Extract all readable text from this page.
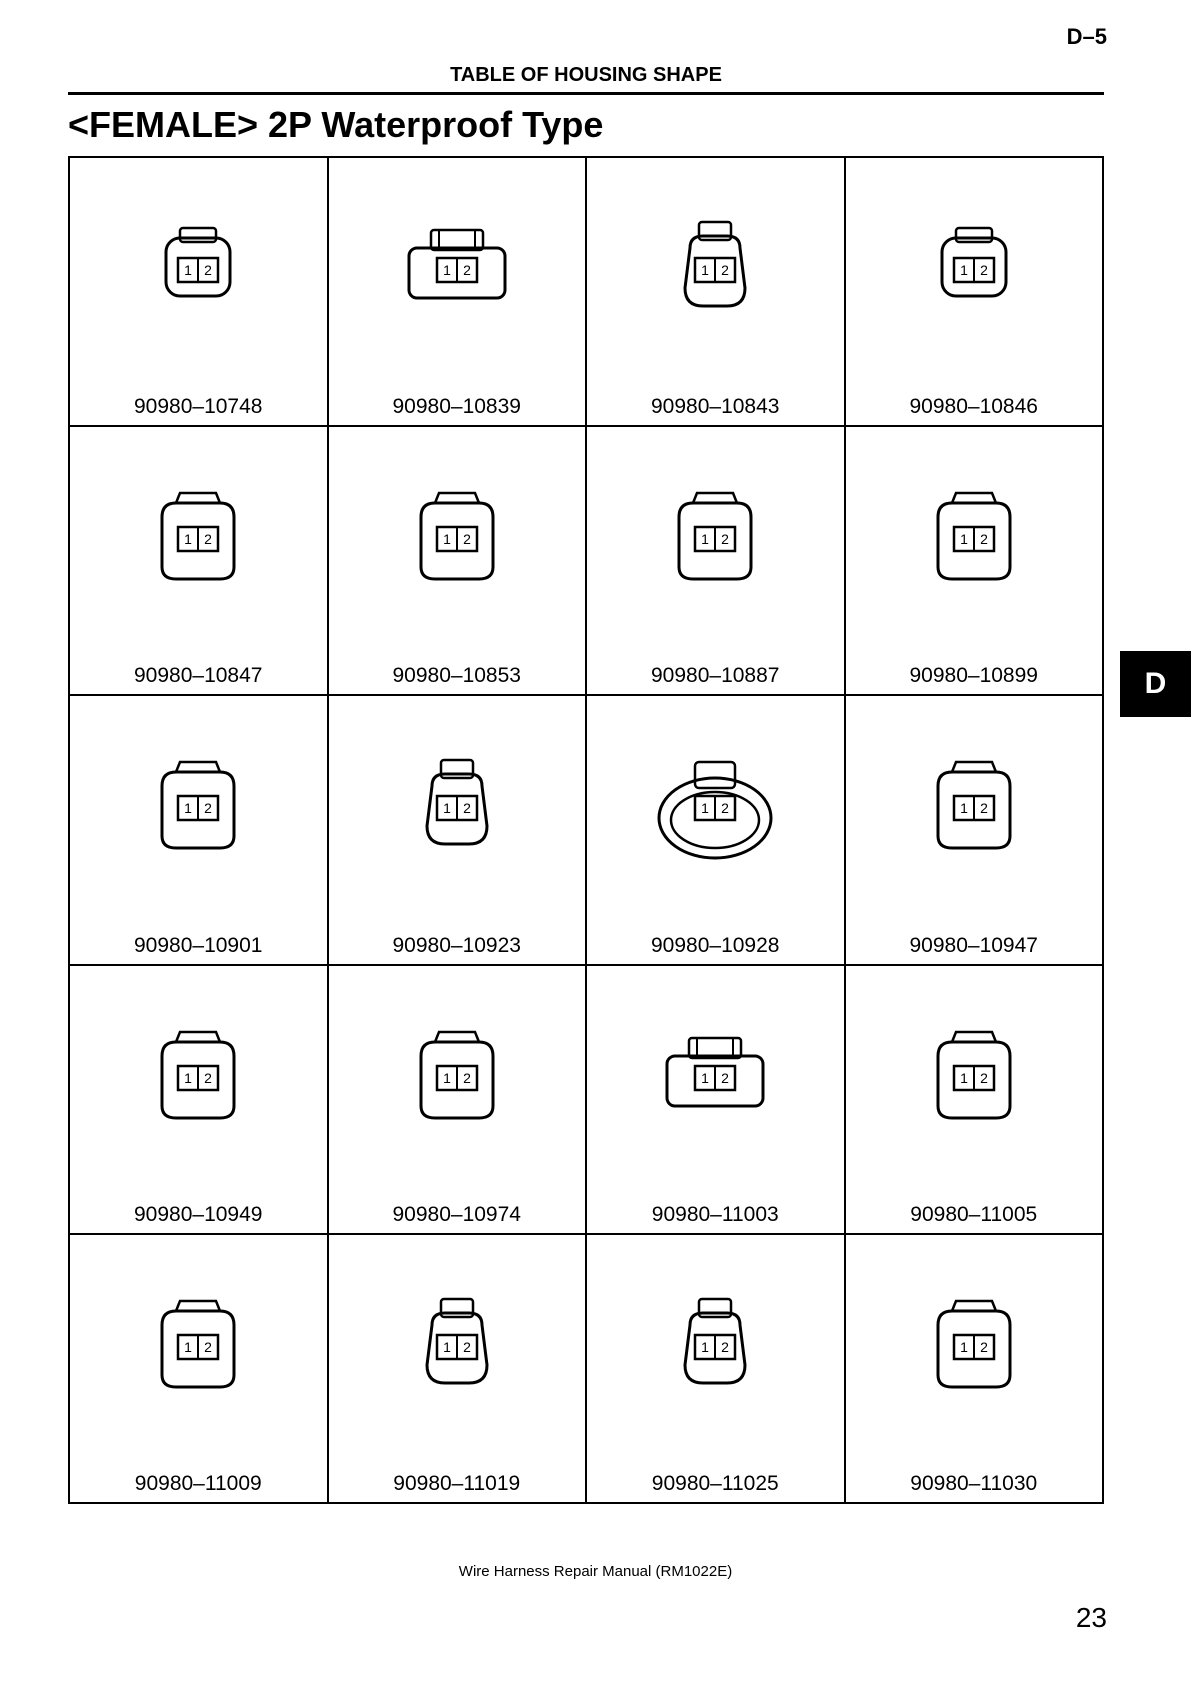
D–5
TABLE OF HOUSING SHAPE
<FEMALE> 2P Waterproof Type
1 2
90980–10748
1 2
90980–10839
1 2
90980–10843
1 2
90980–10846
1 2
90980–10847
1 2
90980–10853
1 2
90980–10887
1 2
90980–10899
1 2
90980–10901
1 2
90980–10923
1 2
90980–10928
1 2
90980–10947
1 2
90980–10949
1 2
90980–10974
1 2
90980–11003
1 2
90980–11005
1 2
90980–11009
1 2
90980–11019
1 2
90980–11025
1 2
90980–11030
D
Wire Harness Repair Manual (RM1022E)
23
